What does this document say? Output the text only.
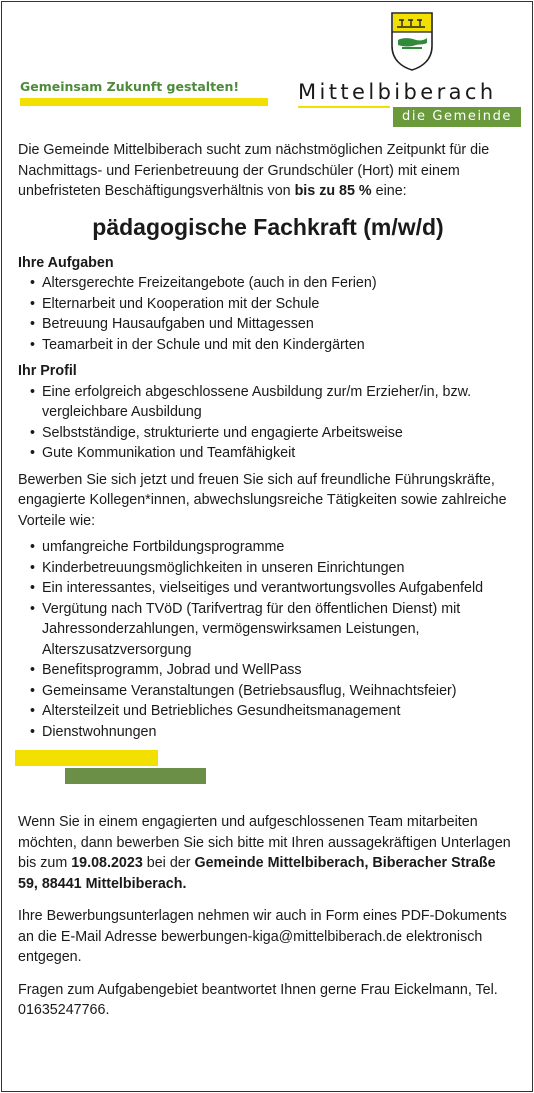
Gemeinsam Zukunft gestalten!	Mittelbiberach
die Gemeinde

Die Gemeinde Mittelbiberach sucht zum nächstmöglichen Zeitpunkt für die Nachmittags- und Ferienbetreuung der Grundschüler (Hort) mit einem unbefristeten Beschäftigungsverhältnis von bis zu 85 % eine:

pädagogische Fachkraft (m/w/d)
Ihre Aufgaben
• Altersgerechte Freizeitangebote (auch in den Ferien)
• Elternarbeit und Kooperation mit der Schule
• Betreuung Hausaufgaben und Mittagessen
• Teamarbeit in der Schule und mit den Kindergärten
Ihr Profil
• Eine erfolgreich abgeschlossene Ausbildung zur/m Erzieher/in, bzw. vergleichbare Ausbildung
• Selbstständige, strukturierte und engagierte Arbeitsweise
• Gute Kommunikation und Teamfähigkeit

Bewerben Sie sich jetzt und freuen Sie sich auf freundliche Führungskräfte, engagierte Kollegen*innen, abwechslungsreiche Tätigkeiten sowie zahlreiche Vorteile wie:

• umfangreiche Fortbildungsprogramme
• Kinderbetreuungsmöglichkeiten in unseren Einrichtungen
• Ein interessantes, vielseitiges und verantwortungsvolles Aufgabenfeld
• Vergütung nach TVöD (Tarifvertrag für den öffentlichen Dienst) mit Jahressonderzahlungen, vermögenswirksamen Leistungen, Alterszusatzversorgung
• Benefitsprogramm, Jobrad und WellPass
• Gemeinsame Veranstaltungen (Betriebsausflug, Weihnachtsfeier)
• Altersteilzeit und Betriebliches Gesundheitsmanagement
• Dienstwohnungen

Wenn Sie in einem engagierten und aufgeschlossenen Team mitarbeiten möchten, dann bewerben Sie sich bitte mit Ihren aussagekräftigen Unterlagen bis zum 19.08.2023 bei der Gemeinde Mittelbiberach, Biberacher Straße 59, 88441 Mittelbiberach.

Ihre Bewerbungsunterlagen nehmen wir auch in Form eines PDF-Dokuments an die E-Mail Adresse bewerbungen-kiga@mittelbiberach.de elektronisch entgegen.

Fragen zum Aufgabengebiet beantwortet Ihnen gerne Frau Eickelmann, Tel. 01635247766.
